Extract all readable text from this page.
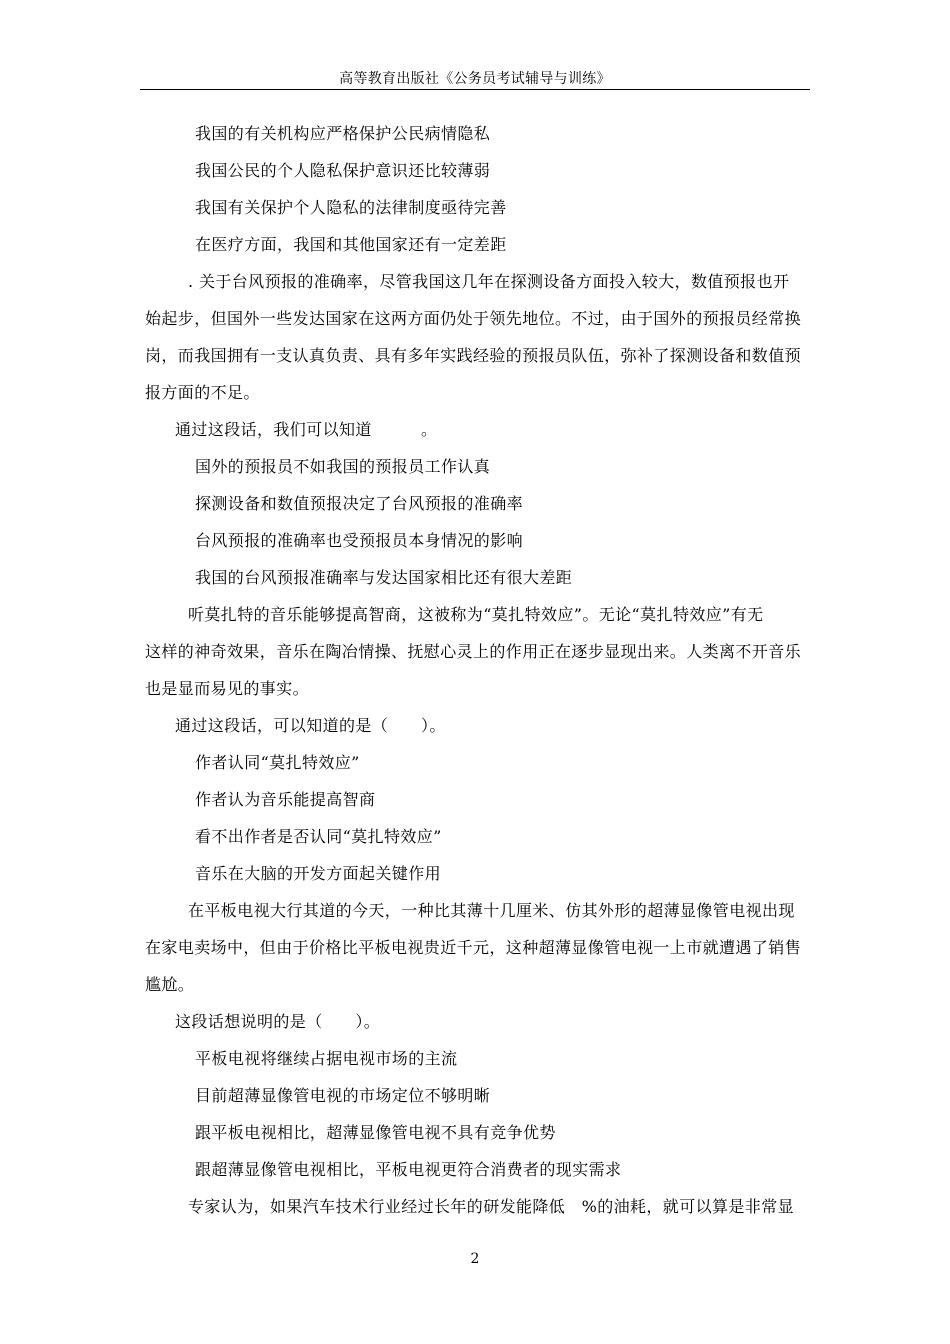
高等教育出版社《公务员考试辅导与训练》
我国的有关机构应严格保护公民病情隐私
我国公民的个人隐私保护意识还比较薄弱
我国有关保护个人隐私的法律制度亟待完善
在医疗方面，我国和其他国家还有一定差距
. 关于台风预报的准确率，尽管我国这几年在探测设备方面投入较大，数值预报也开
始起步，但国外一些发达国家在这两方面仍处于领先地位。不过，由于国外的预报员经常换
岗，而我国拥有一支认真负责、具有多年实践经验的预报员队伍，弥补了探测设备和数值预
报方面的不足。
通过这段话，我们可以知道　　　。
国外的预报员不如我国的预报员工作认真
探测设备和数值预报决定了台风预报的准确率
台风预报的准确率也受预报员本身情况的影响
我国的台风预报准确率与发达国家相比还有很大差距
听莫扎特的音乐能够提高智商，这被称为“莫扎特效应”。无论“莫扎特效应”有无
这样的神奇效果，音乐在陶冶情操、抚慰心灵上的作用正在逐步显现出来。人类离不开音乐
也是显而易见的事实。
通过这段话，可以知道的是（　　）。
作者认同“莫扎特效应”
作者认为音乐能提高智商
看不出作者是否认同“莫扎特效应”
音乐在大脑的开发方面起关键作用
在平板电视大行其道的今天，一种比其薄十几厘米、仿其外形的超薄显像管电视出现
在家电卖场中，但由于价格比平板电视贵近千元，这种超薄显像管电视一上市就遭遇了销售
尴尬。
这段话想说明的是（　　）。
平板电视将继续占据电视市场的主流
目前超薄显像管电视的市场定位不够明晰
跟平板电视相比，超薄显像管电视不具有竞争优势
跟超薄显像管电视相比，平板电视更符合消费者的现实需求
专家认为，如果汽车技术行业经过长年的研发能降低　%的油耗，就可以算是非常显
2
